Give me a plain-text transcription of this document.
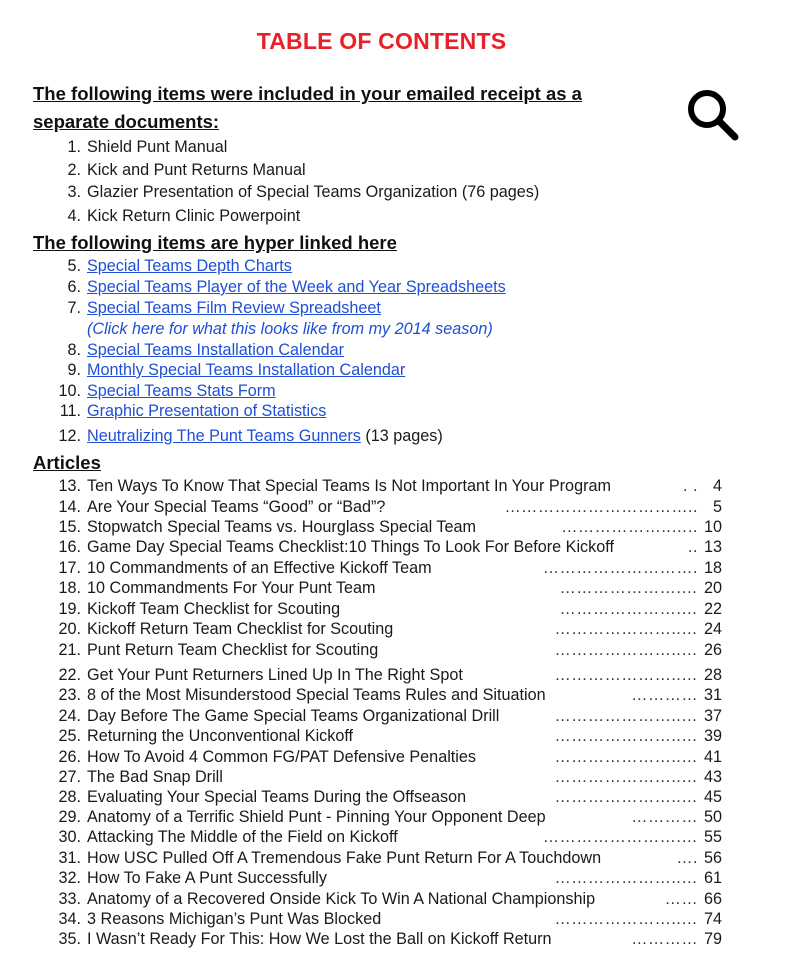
TABLE OF CONTENTS
The following items were included in your emailed receipt as a
separate documents:
1. Shield Punt Manual
2. Kick and Punt Returns Manual
3. Glazier Presentation of Special Teams Organization (76 pages)
4. Kick Return Clinic Powerpoint
The following items are hyper linked here
5. Special Teams Depth Charts
6. Special Teams Player of the Week and Year Spreadsheets
7. Special Teams Film Review Spreadsheet
(Click here for what this looks like from my 2014 season)
8. Special Teams Installation Calendar
9. Monthly Special Teams Installation Calendar
10. Special Teams Stats Form
11. Graphic Presentation of Statistics
12. Neutralizing The Punt Teams Gunners (13 pages)
Articles
13. Ten Ways To Know That Special Teams Is Not Important In Your Program	. . 4
14. Are Your Special Teams “Good” or “Bad”?	…………………………….. 5
15. Stopwatch Special Teams vs. Hourglass Special Team	………………..….. 10
16. Game Day Special Teams Checklist:10 Things To Look For Before Kickoff	.. 13
17. 10 Commandments of an Effective Kickoff Team	………………………. 18
18. 10 Commandments For Your Punt Team	………………….… 20
19. Kickoff Team Checklist for Scouting	………………….… 22
20. Kickoff Return Team Checklist for Scouting	…………………..… 24
21. Punt Return Team Checklist for Scouting	…………………..… 26
22. Get Your Punt Returners Lined Up In The Right Spot	…………………..… 28
23. 8 of the Most Misunderstood Special Teams Rules and Situation	………… 31
24. Day Before The Game Special Teams Organizational Drill	…………………..… 37
25. Returning the Unconventional Kickoff	…………………..… 39
26. How To Avoid 4 Common FG/PAT Defensive Penalties	…………………..… 41
27. The Bad Snap Drill	…………………..… 43
28. Evaluating Your Special Teams During the Offseason	…………………..… 45
29. Anatomy of a Terrific Shield Punt - Pinning Your Opponent Deep	………… 50
30. Attacking The Middle of the Field on Kickoff	…………………….… 55
31. How USC Pulled Off A Tremendous Fake Punt Return For A Touchdown	…. 56
32. How To Fake A Punt Successfully	…………………..… 61
33. Anatomy of a Recovered Onside Kick To Win A National Championship	…… 66
34. 3 Reasons Michigan’s Punt Was Blocked	…………………..… 74
35. I Wasn’t Ready For This: How We Lost the Ball on Kickoff Return	………… 79
